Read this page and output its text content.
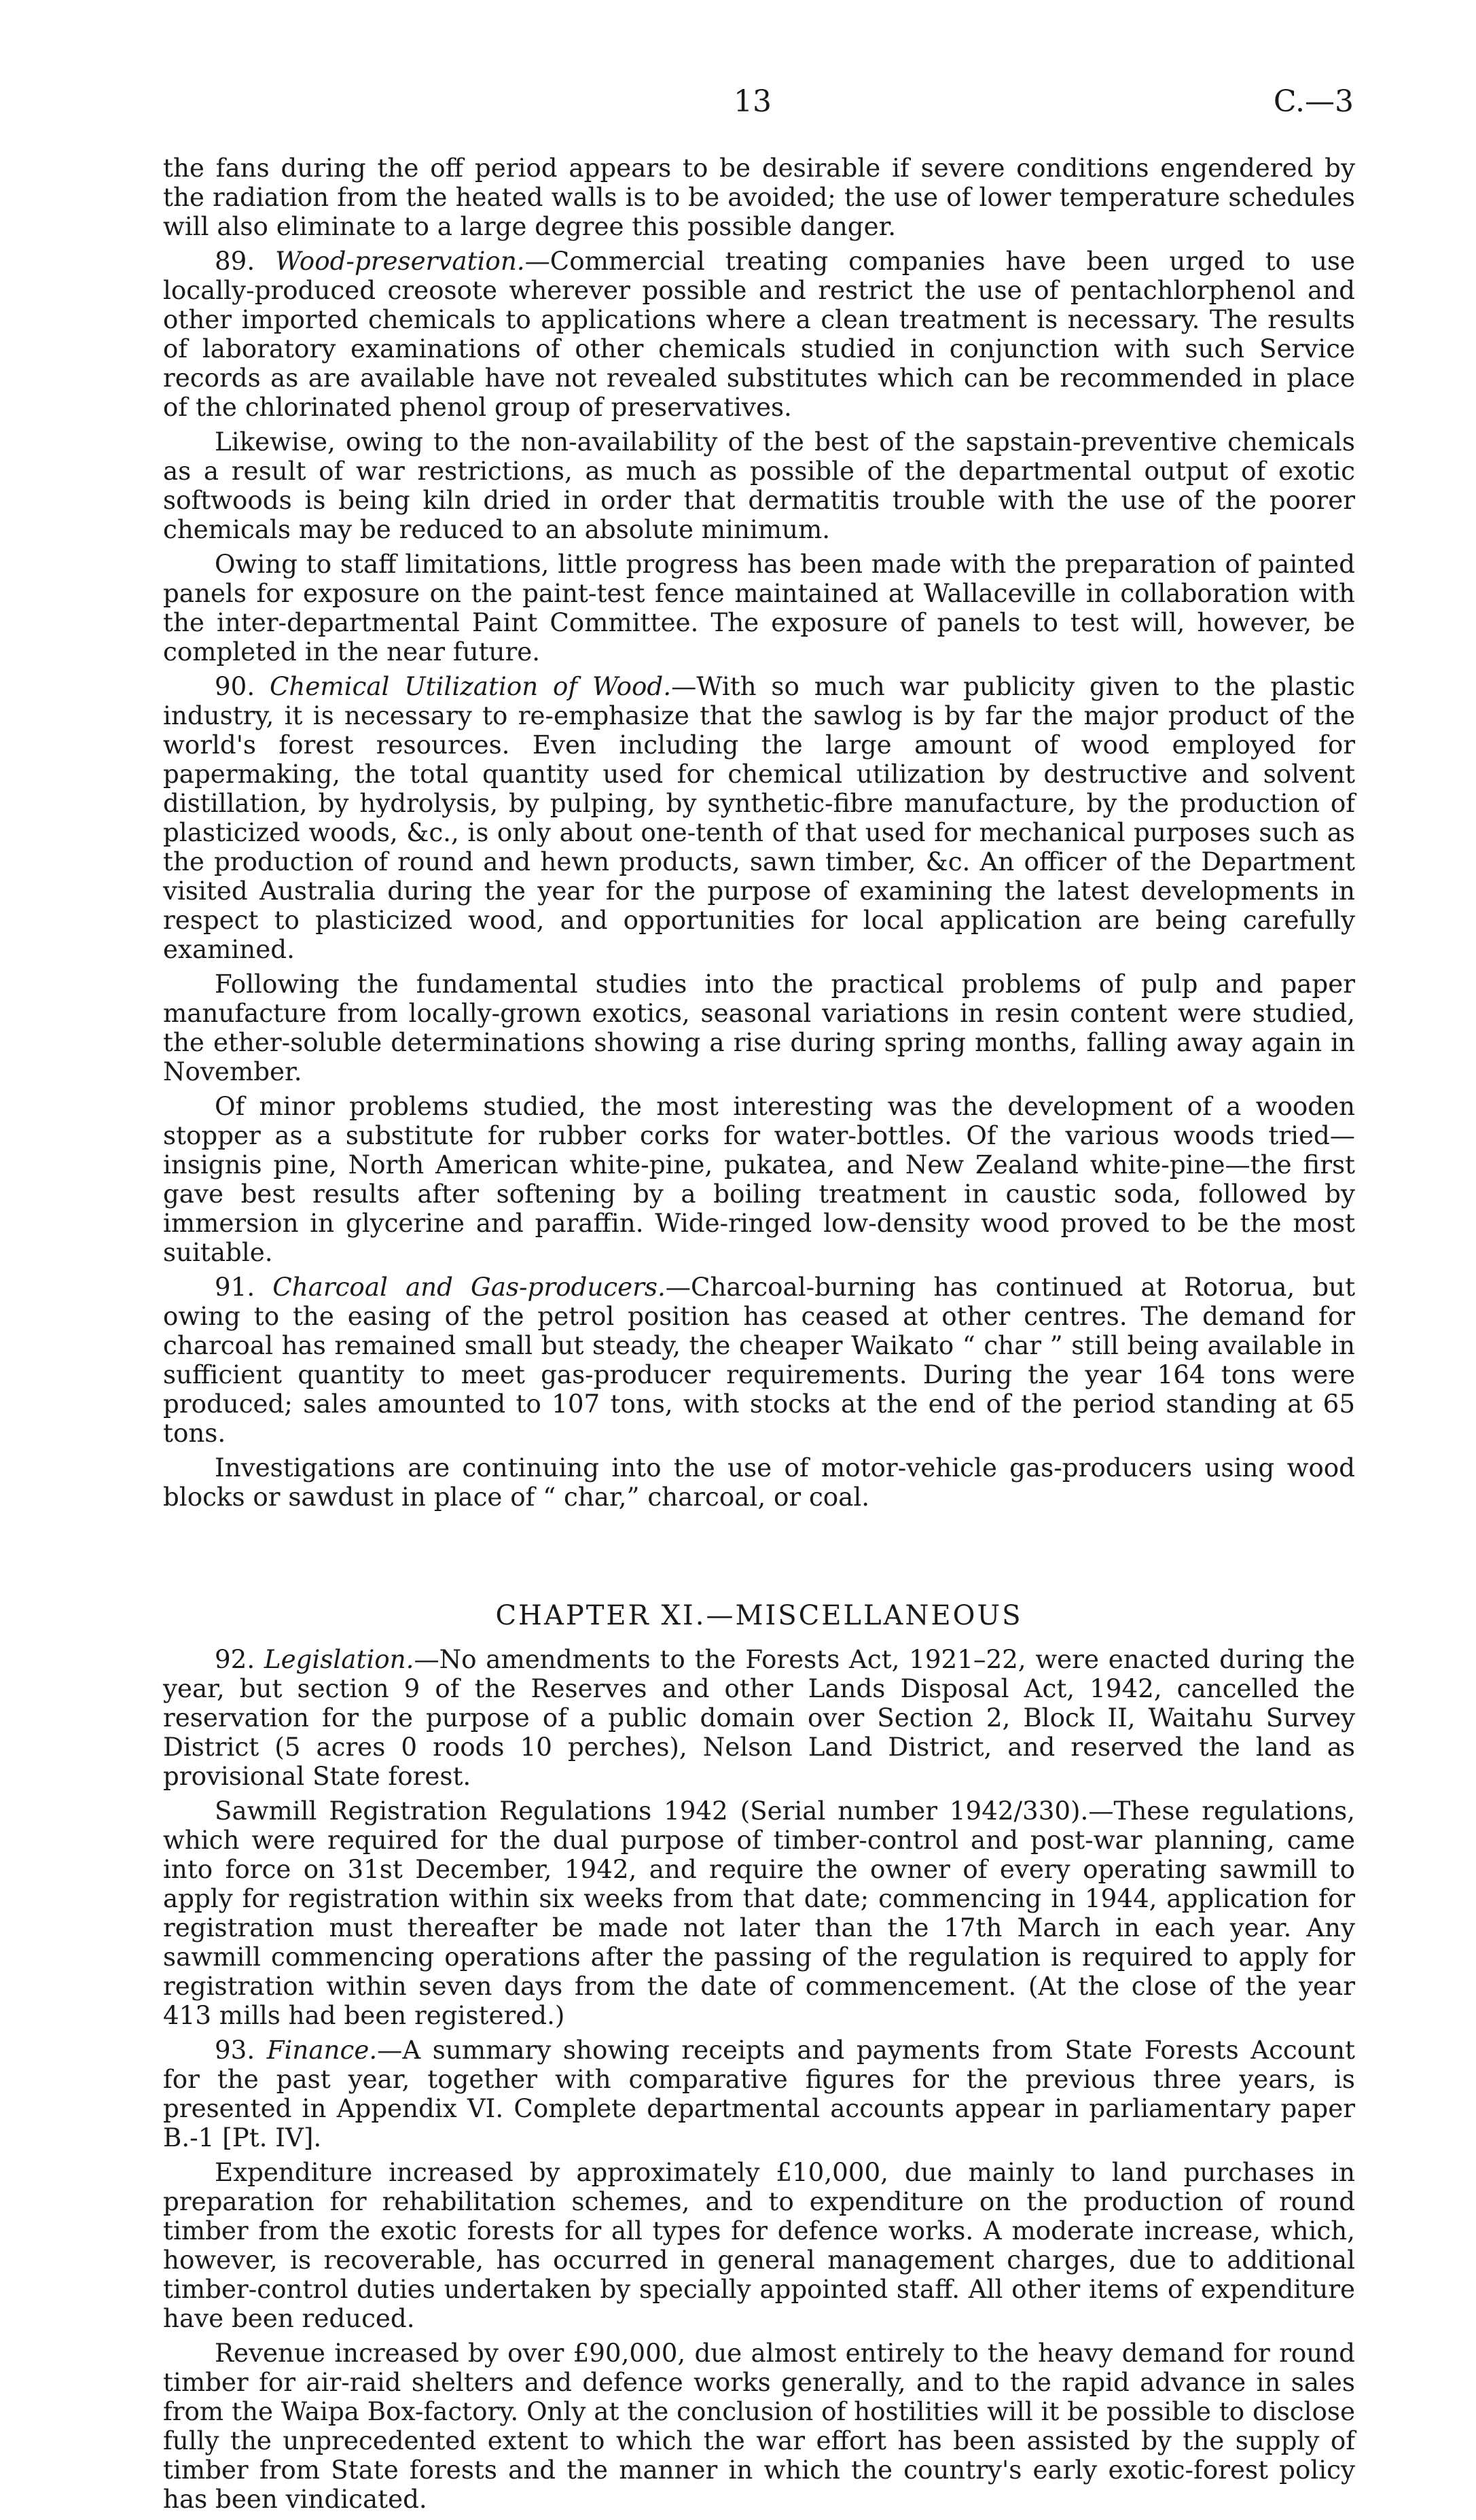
13	C.—3

the fans during the off period appears to be desirable if severe conditions engendered by the radiation from the heated walls is to be avoided; the use of lower temperature schedules will also eliminate to a large degree this possible danger.

89. Wood-preservation.—Commercial treating companies have been urged to use locally-produced creosote wherever possible and restrict the use of pentachlorphenol and other imported chemicals to applications where a clean treatment is necessary. The results of laboratory examinations of other chemicals studied in conjunction with such Service records as are available have not revealed substitutes which can be recommended in place of the chlorinated phenol group of preservatives.

Likewise, owing to the non-availability of the best of the sapstain-preventive chemicals as a result of war restrictions, as much as possible of the departmental output of exotic softwoods is being kiln dried in order that dermatitis trouble with the use of the poorer chemicals may be reduced to an absolute minimum.

Owing to staff limitations, little progress has been made with the preparation of painted panels for exposure on the paint-test fence maintained at Wallaceville in collaboration with the inter-departmental Paint Committee. The exposure of panels to test will, however, be completed in the near future.

90. Chemical Utilization of Wood.—With so much war publicity given to the plastic industry, it is necessary to re-emphasize that the sawlog is by far the major product of the world's forest resources. Even including the large amount of wood employed for papermaking, the total quantity used for chemical utilization by destructive and solvent distillation, by hydrolysis, by pulping, by synthetic-fibre manufacture, by the production of plasticized woods, &c., is only about one-tenth of that used for mechanical purposes such as the production of round and hewn products, sawn timber, &c. An officer of the Department visited Australia during the year for the purpose of examining the latest developments in respect to plasticized wood, and opportunities for local application are being carefully examined.

Following the fundamental studies into the practical problems of pulp and paper manufacture from locally-grown exotics, seasonal variations in resin content were studied, the ether-soluble determinations showing a rise during spring months, falling away again in November.

Of minor problems studied, the most interesting was the development of a wooden stopper as a substitute for rubber corks for water-bottles. Of the various woods tried—insignis pine, North American white-pine, pukatea, and New Zealand white-pine—the first gave best results after softening by a boiling treatment in caustic soda, followed by immersion in glycerine and paraffin. Wide-ringed low-density wood proved to be the most suitable.

91. Charcoal and Gas-producers.—Charcoal-burning has continued at Rotorua, but owing to the easing of the petrol position has ceased at other centres. The demand for charcoal has remained small but steady, the cheaper Waikato “ char ” still being available in sufficient quantity to meet gas-producer requirements. During the year 164 tons were produced; sales amounted to 107 tons, with stocks at the end of the period standing at 65 tons.

Investigations are continuing into the use of motor-vehicle gas-producers using wood blocks or sawdust in place of “ char,” charcoal, or coal.

CHAPTER XI.—MISCELLANEOUS

92. Legislation.—No amendments to the Forests Act, 1921–22, were enacted during the year, but section 9 of the Reserves and other Lands Disposal Act, 1942, cancelled the reservation for the purpose of a public domain over Section 2, Block II, Waitahu Survey District (5 acres 0 roods 10 perches), Nelson Land District, and reserved the land as provisional State forest.

Sawmill Registration Regulations 1942 (Serial number 1942/330).—These regulations, which were required for the dual purpose of timber-control and post-war planning, came into force on 31st December, 1942, and require the owner of every operating sawmill to apply for registration within six weeks from that date; commencing in 1944, application for registration must thereafter be made not later than the 17th March in each year. Any sawmill commencing operations after the passing of the regulation is required to apply for registration within seven days from the date of commencement. (At the close of the year 413 mills had been registered.)

93. Finance.—A summary showing receipts and payments from State Forests Account for the past year, together with comparative figures for the previous three years, is presented in Appendix VI. Complete departmental accounts appear in parliamentary paper B.-1 [Pt. IV].

Expenditure increased by approximately £10,000, due mainly to land purchases in preparation for rehabilitation schemes, and to expenditure on the production of round timber from the exotic forests for all types for defence works. A moderate increase, which, however, is recoverable, has occurred in general management charges, due to additional timber-control duties undertaken by specially appointed staff. All other items of expenditure have been reduced.

Revenue increased by over £90,000, due almost entirely to the heavy demand for round timber for air-raid shelters and defence works generally, and to the rapid advance in sales from the Waipa Box-factory. Only at the conclusion of hostilities will it be possible to disclose fully the unprecedented extent to which the war effort has been assisted by the supply of timber from State forests and the manner in which the country's early exotic-forest policy has been vindicated.
